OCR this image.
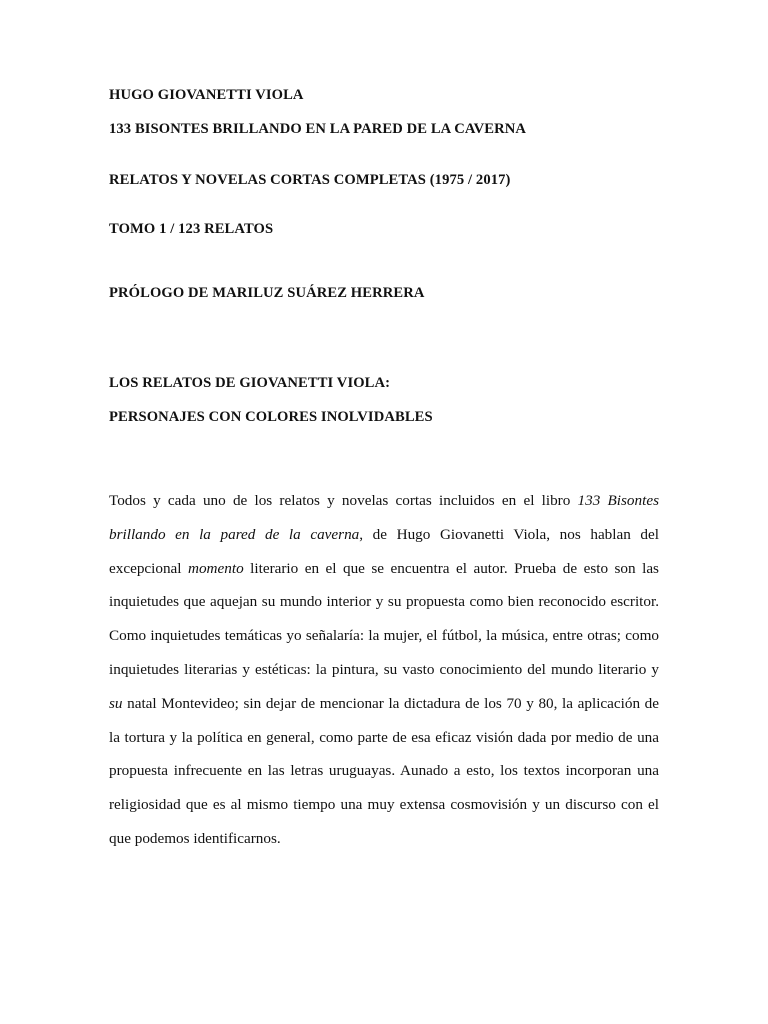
HUGO GIOVANETTI VIOLA
133 BISONTES BRILLANDO EN LA PARED DE LA CAVERNA
RELATOS Y NOVELAS CORTAS COMPLETAS (1975 / 2017)
TOMO 1 / 123 RELATOS
PRÓLOGO DE MARILUZ SUÁREZ HERRERA
LOS RELATOS DE GIOVANETTI VIOLA:
PERSONAJES CON COLORES INOLVIDABLES
Todos y cada uno de los relatos y novelas cortas incluidos en el libro 133 Bisontes
brillando en la pared de la caverna, de Hugo Giovanetti Viola, nos hablan del
excepcional momento literario en el que se encuentra el autor. Prueba de esto son las
inquietudes que aquejan su mundo interior y su propuesta como bien reconocido escritor.
Como inquietudes temáticas yo señalaría: la mujer, el fútbol, la música, entre otras; como
inquietudes literarias y estéticas: la pintura, su vasto conocimiento del mundo literario y
su natal Montevideo; sin dejar de mencionar la dictadura de los 70 y 80, la aplicación de
la tortura y la política en general, como parte de esa eficaz visión dada por medio de una
propuesta infrecuente en las letras uruguayas. Aunado a esto, los textos incorporan una
religiosidad que es al mismo tiempo una muy extensa cosmovisión y un discurso con el
que podemos identificarnos.
